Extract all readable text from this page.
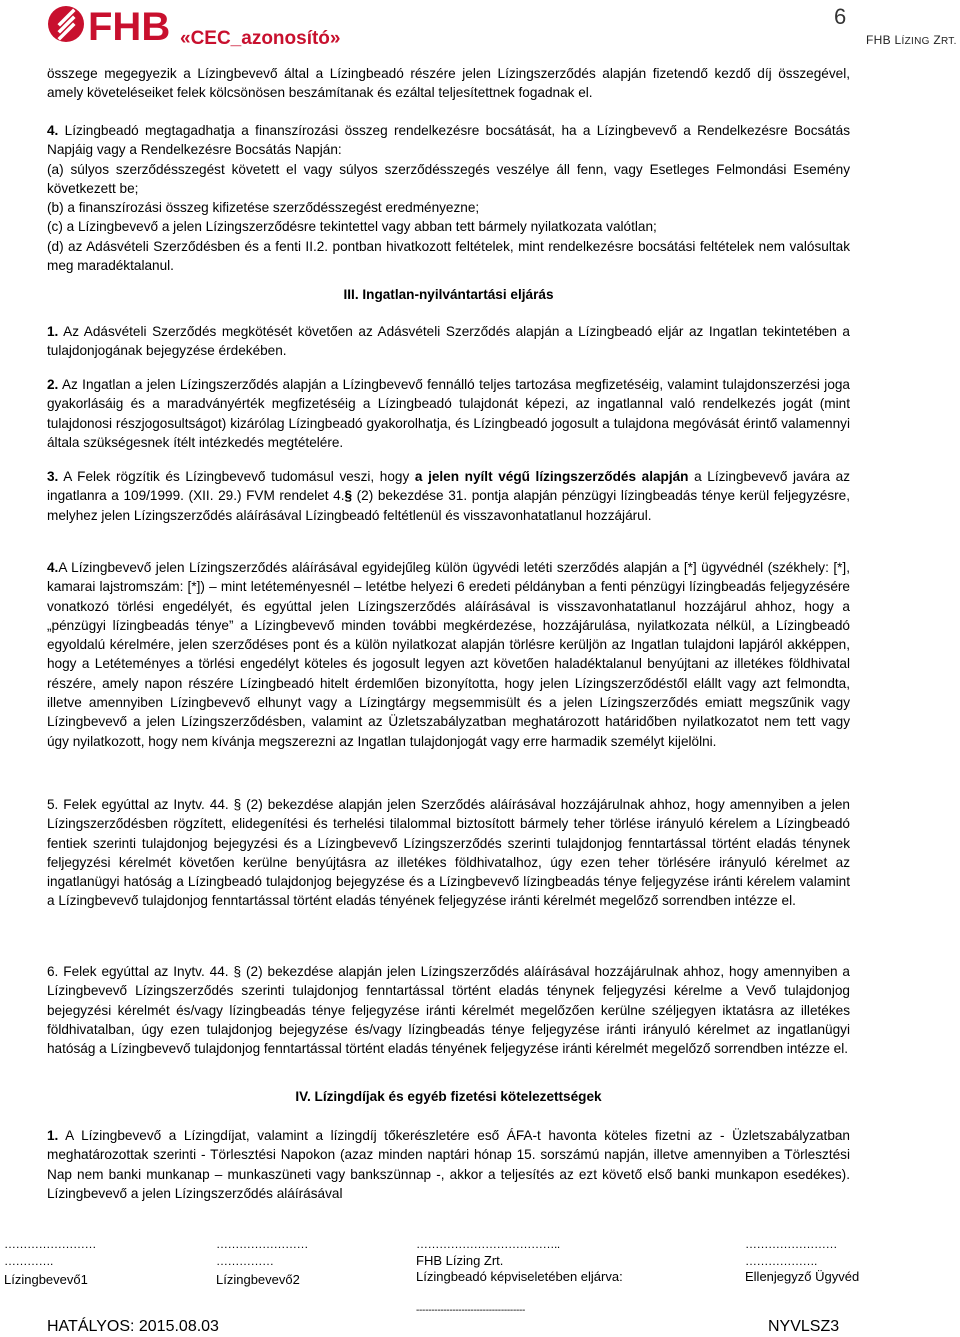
FHB «CEC_azonosító»
6
FHB LÍZING ZRT.

összege megegyezik a Lízingbevevő által a Lízingbeadó részére jelen Lízingszerződés alapján fizetendő kezdő díj összegével, amely követeléseiket felek kölcsönösen beszámítanak és ezáltal teljesítettnek fogadnak el.

4. Lízingbeadó megtagadhatja a finanszírozási összeg rendelkezésre bocsátását, ha a Lízingbevevő a Rendelkezésre Bocsátás Napjáig vagy a Rendelkezésre Bocsátás Napján:
(a) súlyos szerződésszegést követett el vagy súlyos szerződésszegés veszélye áll fenn, vagy Esetleges Felmondási Esemény következett be;
(b) a finanszírozási összeg kifizetése szerződésszegést eredményezne;
(c) a Lízingbevevő a jelen Lízingszerződésre tekintettel vagy abban tett bármely nyilatkozata valótlan;
(d) az Adásvételi Szerződésben és a fenti II.2. pontban hivatkozott feltételek, mint rendelkezésre bocsátási feltételek nem valósultak meg maradéktalanul.

III. Ingatlan-nyilvántartási eljárás

1. Az Adásvételi Szerződés megkötését követően az Adásvételi Szerződés alapján a Lízingbeadó eljár az Ingatlan tekintetében a tulajdonjogának bejegyzése érdekében.

2. Az Ingatlan a jelen Lízingszerződés alapján a Lízingbevevő fennálló teljes tartozása megfizetéséig, valamint tulajdonszerzési joga gyakorlásáig és a maradványérték megfizetéséig a Lízingbeadó tulajdonát képezi, az ingatlannal való rendelkezés jogát (mint tulajdonosi részjogosultságot) kizárólag Lízingbeadó gyakorolhatja, és Lízingbeadó jogosult a tulajdona megóvását érintő valamennyi általa szükségesnek ítélt intézkedés megtételére.

3. A Felek rögzítik és Lízingbevevő tudomásul veszi, hogy a jelen nyílt végű lízingszerződés alapján a Lízingbevevő javára az ingatlanra a 109/1999. (XII. 29.) FVM rendelet 4.§ (2) bekezdése 31. pontja alapján pénzügyi lízingbeadás ténye kerül feljegyzésre, melyhez jelen Lízingszerződés aláírásával Lízingbeadó feltétlenül és visszavonhatatlanul hozzájárul.

4.A Lízingbevevő jelen Lízingszerződés aláírásával egyidejűleg külön ügyvédi letéti szerződés alapján a [*] ügyvédnél (székhely: [*], kamarai lajstromszám: [*]) – mint letéteményesnél – letétbe helyezi 6 eredeti példányban a fenti pénzügyi lízingbeadás feljegyzésére vonatkozó törlési engedélyét, és egyúttal jelen Lízingszerződés aláírásával is visszavonhatatlanul hozzájárul ahhoz, hogy a „pénzügyi lízingbeadás ténye” a Lízingbevevő minden további megkérdezése, hozzájárulása, nyilatkozata nélkül, a Lízingbeadó egyoldalú kérelmére, jelen szerződéses pont és a külön nyilatkozat alapján törlésre kerüljön az Ingatlan tulajdoni lapjáról akképpen, hogy a Letéteményes a törlési engedélyt köteles és jogosult legyen azt követően haladéktalanul benyújtani az illetékes földhivatal részére, amely napon részére Lízingbeadó hitelt érdemlően bizonyította, hogy jelen Lízingszerződéstől elállt vagy azt felmondta, illetve amennyiben Lízingbevevő elhunyt vagy a Lízingtárgy megsemmisült és a jelen Lízingszerződés emiatt megszűnik vagy Lízingbevevő a jelen Lízingszerződésben, valamint az Üzletszabályzatban meghatározott határidőben nyilatkozatot nem tett vagy úgy nyilatkozott, hogy nem kívánja megszerezni az Ingatlan tulajdonjogát vagy erre harmadik személyt kijelölni.

5. Felek egyúttal az Inytv. 44. § (2) bekezdése alapján jelen Szerződés aláírásával hozzájárulnak ahhoz, hogy amennyiben a jelen Lízingszerződésben rögzített, elidegenítési és terhelési tilalommal biztosított bármely teher törlése irányuló kérelem a Lízingbeadó fentiek szerinti tulajdonjog bejegyzési és a Lízingbevevő Lízingszerződés szerinti tulajdonjog fenntartással történt eladás ténynek feljegyzési kérelmét követően kerülne benyújtásra az illetékes földhivatalhoz, úgy ezen teher törlésére irányuló kérelmet az ingatlanügyi hatóság a Lízingbeadó tulajdonjog bejegyzése és a Lízingbevevő lízingbeadás ténye feljegyzése iránti kérelem valamint a Lízingbevevő tulajdonjog fenntartással történt eladás tényének feljegyzése iránti kérelmét megelőző sorrendben intézze el.

6. Felek egyúttal az Inytv. 44. § (2) bekezdése alapján jelen Lízingszerződés aláírásával hozzájárulnak ahhoz, hogy amennyiben a Lízingbevevő Lízingszerződés szerinti tulajdonjog fenntartással történt eladás ténynek feljegyzési kérelme a Vevő tulajdonjog bejegyzési kérelmét és/vagy lízingbeadás ténye feljegyzése iránti kérelmét megelőzően kerülne széljegyen iktatásra az illetékes földhivatalban, úgy ezen tulajdonjog bejegyzése és/vagy lízingbeadás ténye feljegyzése iránti irányuló kérelmet az ingatlanügyi hatóság a Lízingbevevő tulajdonjog fenntartással történt eladás tényének feljegyzése iránti kérelmét megelőző sorrendben intézze el.

IV. Lízingdíjak és egyéb fizetési kötelezettségek

1. A Lízingbevevő a Lízingdíjat, valamint a lízingdíj tőkerészletére eső ÁFA-t havonta köteles fizetni az - Üzletszabályzatban meghatározottak szerinti - Törlesztési Napokon (azaz minden naptári hónap 15. sorszámú napján, illetve amennyiben a Törlesztési Nap nem banki munkanap – munkaszüneti vagy bankszünnap -, akkor a teljesítés az ezt követő első banki munkapon esedékes). Lízingbevevő a jelen Lízingszerződés aláírásával

……………………
………….
Lízingbevevő1
……………………
……………
Lízingbevevő2
………………………………..
FHB Lízing Zrt.
Lízingbeadó képviseletében eljárva:
------------------------------------
……………………
……………….
Ellenjegyző Ügyvéd
HATÁLYOS: 2015.08.03	NYVLSZ3
